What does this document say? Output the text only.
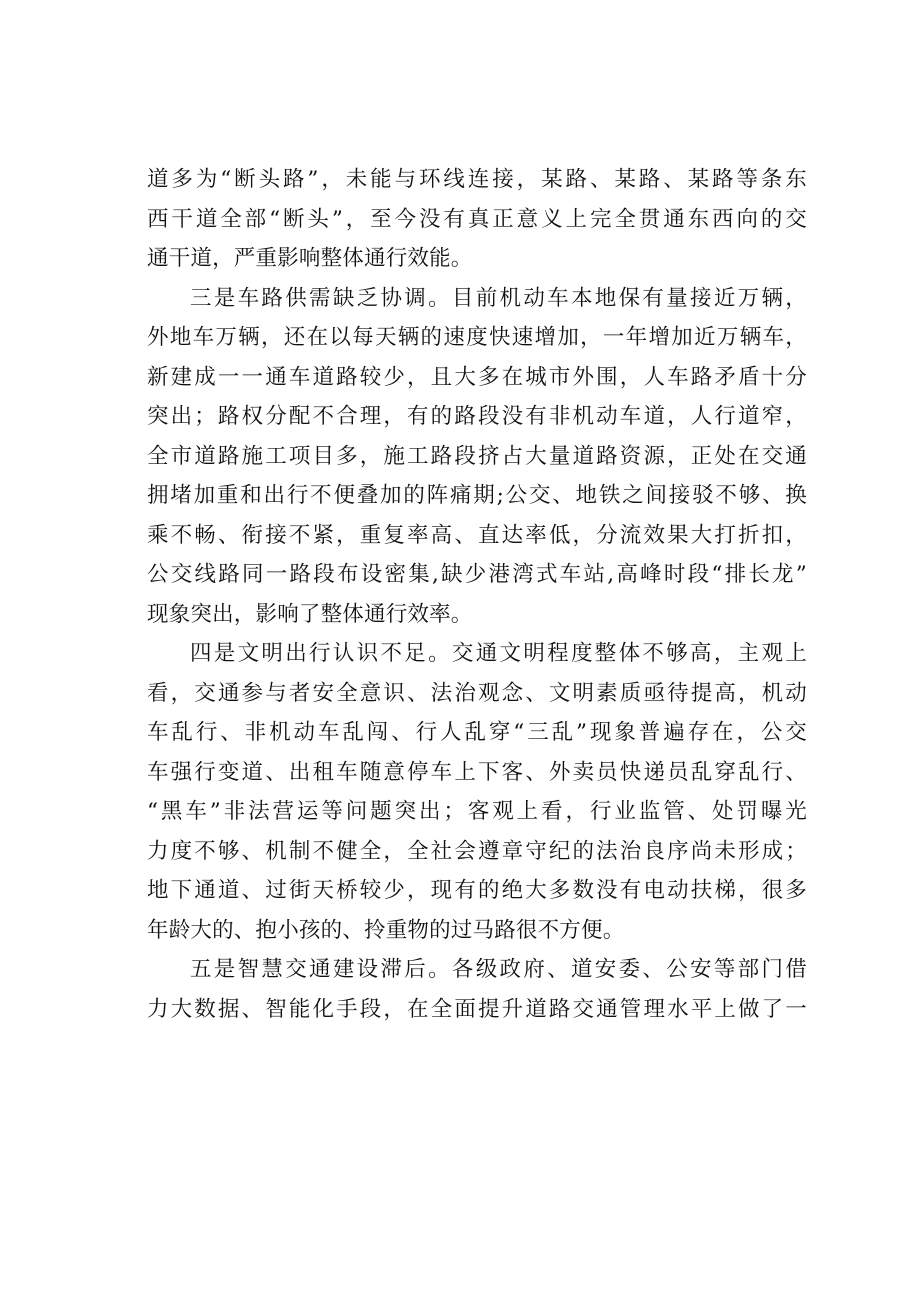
道多为“断头路”，未能与环线连接，某路、某路、某路等条东
西干道全部“断头”，至今没有真正意义上完全贯通东西向的交
通干道，严重影响整体通行效能。
三是车路供需缺乏协调。目前机动车本地保有量接近万辆，
外地车万辆，还在以每天辆的速度快速增加，一年增加近万辆车，
新建成一一通车道路较少，且大多在城市外围，人车路矛盾十分
突出；路权分配不合理，有的路段没有非机动车道，人行道窄，
全市道路施工项目多，施工路段挤占大量道路资源，正处在交通
拥堵加重和出行不便叠加的阵痛期;公交、地铁之间接驳不够、换
乘不畅、衔接不紧，重复率高、直达率低，分流效果大打折扣，
公交线路同一路段布设密集,缺少港湾式车站,高峰时段“排长龙”
现象突出，影响了整体通行效率。
四是文明出行认识不足。交通文明程度整体不够高，主观上
看，交通参与者安全意识、法治观念、文明素质亟待提高，机动
车乱行、非机动车乱闯、行人乱穿“三乱”现象普遍存在，公交
车强行变道、出租车随意停车上下客、外卖员快递员乱穿乱行、
“黑车”非法营运等问题突出；客观上看，行业监管、处罚曝光
力度不够、机制不健全，全社会遵章守纪的法治良序尚未形成；
地下通道、过街天桥较少，现有的绝大多数没有电动扶梯，很多
年龄大的、抱小孩的、拎重物的过马路很不方便。
五是智慧交通建设滞后。各级政府、道安委、公安等部门借
力大数据、智能化手段，在全面提升道路交通管理水平上做了一
